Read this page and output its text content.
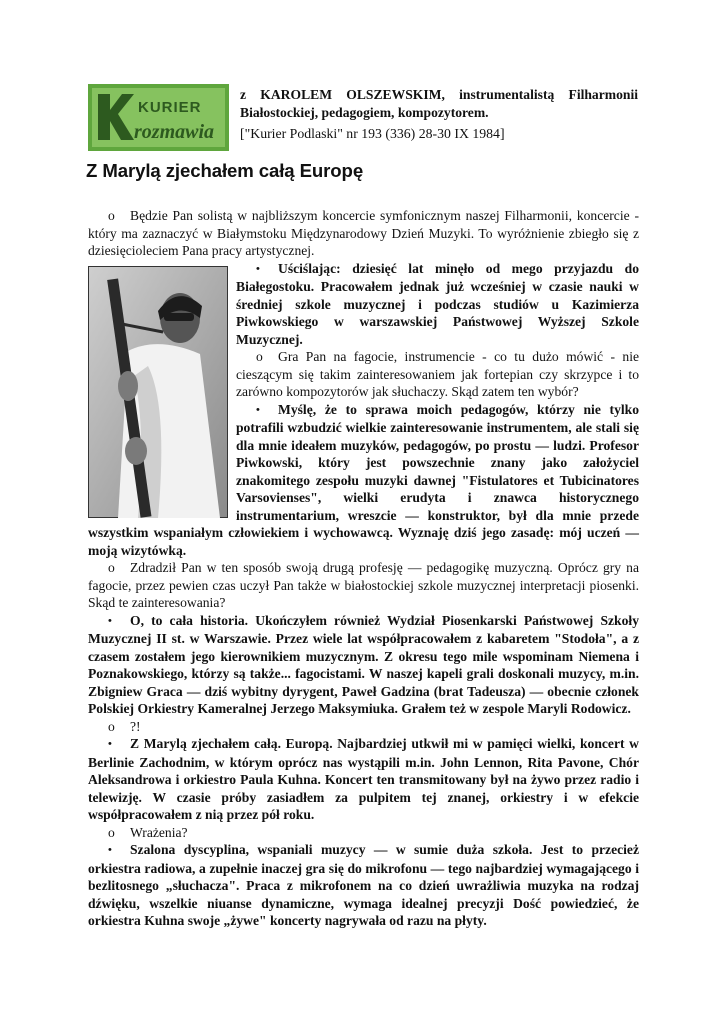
KURIER
rozmawia
z KAROLEM OLSZEWSKIM, instrumentalistą Filharmonii Białostockiej, pedagogiem, kompozytorem.
["Kurier Podlaski" nr 193 (336) 28-30 IX 1984]
Z Marylą zjechałem całą Europę

o Będzie Pan solistą w najbliższym koncercie symfonicznym naszej Filharmonii, koncercie - który ma zaznaczyć w Białymstoku Międzynarodowy Dzień Muzyki. To wyróżnienie zbiegło się z dziesięcioleciem Pana pracy artystycznej.

• Uściślając: dziesięć lat minęło od mego przyjazdu do Białegostoku. Pracowałem jednak już wcześniej w czasie nauki w średniej szkole muzycznej i podczas studiów u Kazimierza Piwkowskiego w warszawskiej Państwowej Wyższej Szkole Muzycznej.

o Gra Pan na fagocie, instrumencie - co tu dużo mówić - nie cieszącym się takim zainteresowaniem jak fortepian czy skrzypce i to zarówno kompozytorów jak słuchaczy. Skąd zatem ten wybór?

• Myślę, że to sprawa moich pedagogów, którzy nie tylko potrafili wzbudzić wielkie zainteresowanie instrumentem, ale stali się dla mnie ideałem muzyków, pedagogów, po prostu — ludzi. Profesor Piwkowski, który jest powszechnie znany jako założyciel znakomitego zespołu muzyki dawnej "Fistulatores et Tubicinatores Varsovienses", wielki erudyta i znawca historycznego instrumentarium, wreszcie — konstruktor, był dla mnie przede wszystkim wspaniałym człowiekiem i wychowawcą. Wyznaję dziś jego zasadę: mój uczeń — moją wizytówką.

o Zdradził Pan w ten sposób swoją drugą profesję — pedagogikę muzyczną. Oprócz gry na fagocie, przez pewien czas uczył Pan także w białostockiej szkole muzycznej interpretacji piosenki. Skąd te zainteresowania?

• O, to cała historia. Ukończyłem również Wydział Piosenkarski Państwowej Szkoły Muzycznej II st. w Warszawie. Przez wiele lat współpracowałem z kabaretem "Stodoła", a z czasem zostałem jego kierownikiem muzycznym. Z okresu tego mile wspominam Niemena i Poznakowskiego, którzy są także... fagocistami. W naszej kapeli grali doskonali muzycy, m.in. Zbigniew Graca — dziś wybitny dyrygent, Paweł Gadzina (brat Tadeusza) — obecnie członek Polskiej Orkiestry Kameralnej Jerzego Maksymiuka. Grałem też w zespole Maryli Rodowicz.

o ?!

• Z Marylą zjechałem całą. Europą. Najbardziej utkwił mi w pamięci wielki, koncert w Berlinie Zachodnim, w którym oprócz nas wystąpili m.in. John Lennon, Rita Pavone, Chór Aleksandrowa i orkiestro Paula Kuhna. Koncert ten transmitowany był na żywo przez radio i telewizję. W czasie próby zasiadłem za pulpitem tej znanej, orkiestry i w efekcie współpracowałem z nią przez pół roku.

o Wrażenia?

• Szalona dyscyplina, wspaniali muzycy — w sumie duża szkoła. Jest to przecież orkiestra radiowa, a zupełnie inaczej gra się do mikrofonu — tego najbardziej wymagającego i bezlitosnego „słuchacza". Praca z mikrofonem na co dzień uwrażliwia muzyka na rodzaj dźwięku, wszelkie niuanse dynamiczne, wymaga idealnej precyzji Dość powiedzieć, że orkiestra Kuhna swoje „żywe" koncerty nagrywała od razu na płyty.
